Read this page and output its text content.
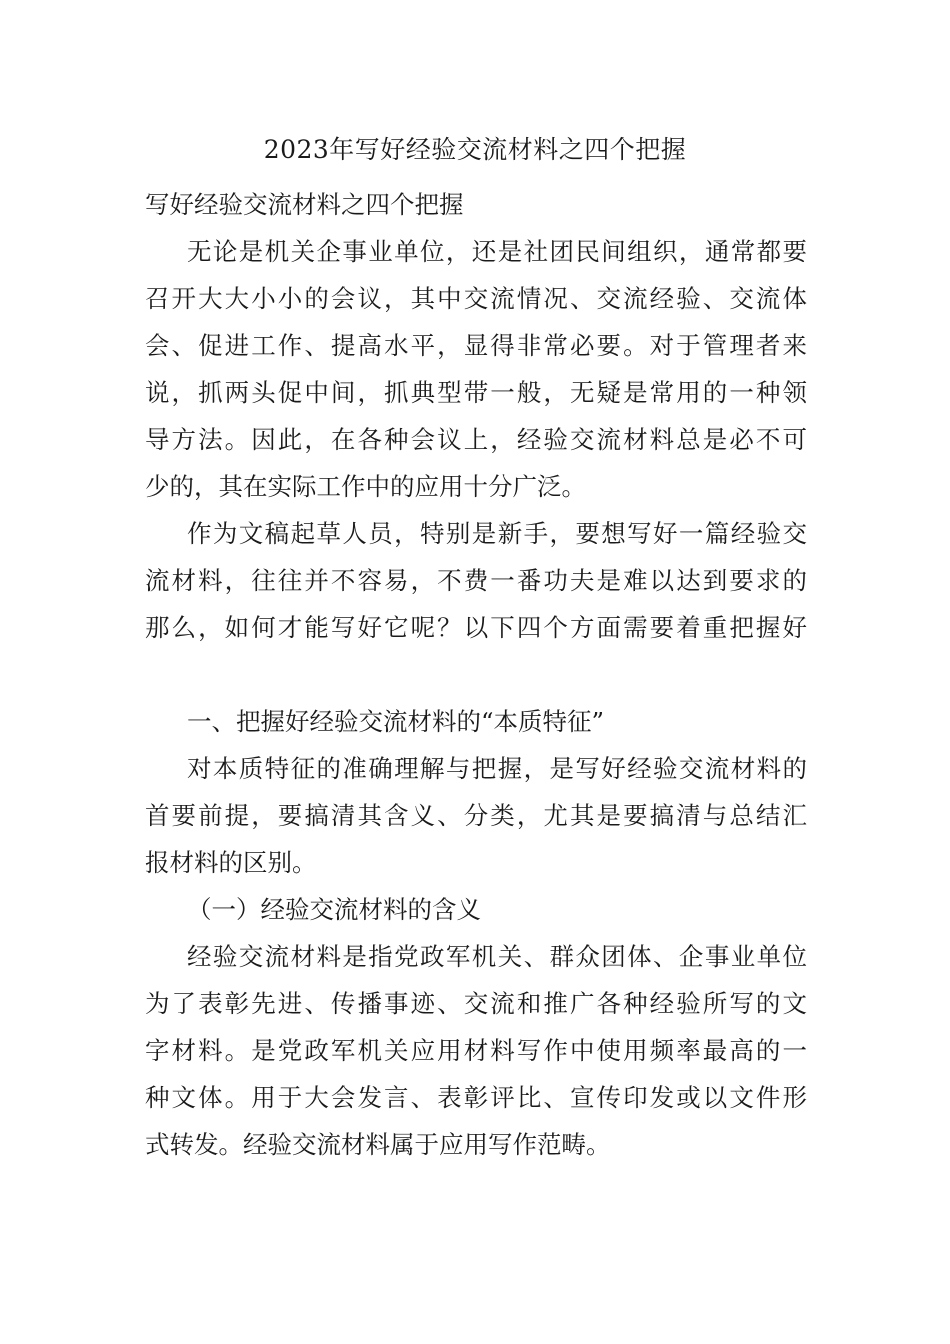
2023年写好经验交流材料之四个把握
写好经验交流材料之四个把握
无论是机关企事业单位，还是社团民间组织，通常都要
召开大大小小的会议，其中交流情况、交流经验、交流体
会、促进工作、提高水平，显得非常必要。对于管理者来
说，抓两头促中间，抓典型带一般，无疑是常用的一种领
导方法。因此，在各种会议上，经验交流材料总是必不可
少的，其在实际工作中的应用十分广泛。
作为文稿起草人员，特别是新手，要想写好一篇经验交
流材料，往往并不容易，不费一番功夫是难以达到要求的
那么，如何才能写好它呢？以下四个方面需要着重把握好
一、把握好经验交流材料的“本质特征”
对本质特征的准确理解与把握，是写好经验交流材料的
首要前提，要搞清其含义、分类，尤其是要搞清与总结汇
报材料的区别。
（一）经验交流材料的含义
经验交流材料是指党政军机关、群众团体、企事业单位
为了表彰先进、传播事迹、交流和推广各种经验所写的文
字材料。是党政军机关应用材料写作中使用频率最高的一
种文体。用于大会发言、表彰评比、宣传印发或以文件形
式转发。经验交流材料属于应用写作范畴。
